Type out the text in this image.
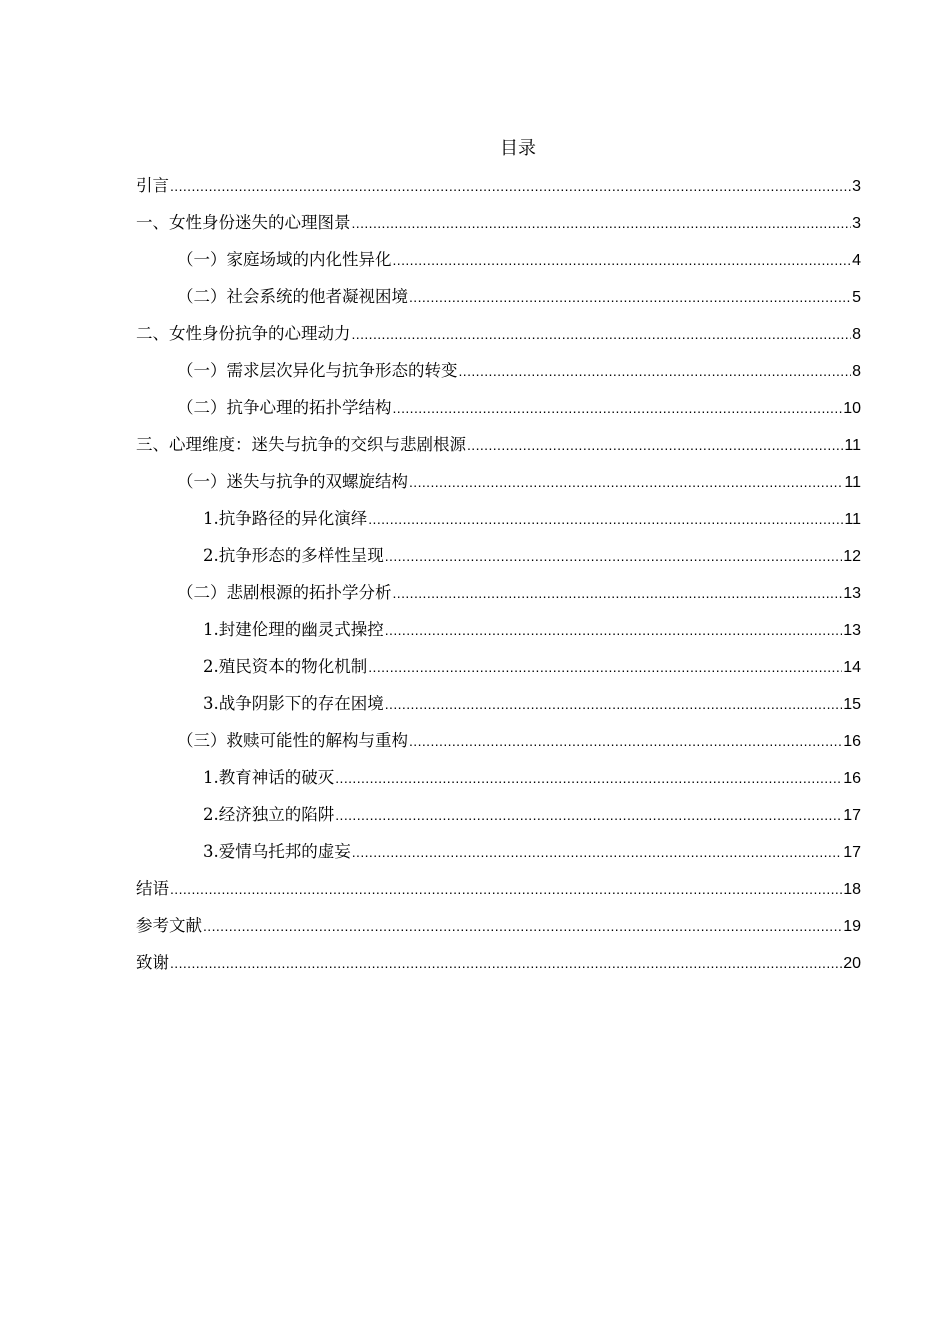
目录
引言 .....	3
一、女性身份迷失的心理图景 .....	3
（一）家庭场域的内化性异化 .....	4
（二）社会系统的他者凝视困境 .....	5
二、女性身份抗争的心理动力 .....	8
（一）需求层次异化与抗争形态的转变 .....	8
（二）抗争心理的拓扑学结构 .....	10
三、心理维度：迷失与抗争的交织与悲剧根源 .....	11
（一）迷失与抗争的双螺旋结构 .....	11
1.抗争路径的异化演绎 .....	11
2.抗争形态的多样性呈现 .....	12
（二）悲剧根源的拓扑学分析 .....	13
1.封建伦理的幽灵式操控 .....	13
2.殖民资本的物化机制 .....	14
3.战争阴影下的存在困境 .....	15
（三）救赎可能性的解构与重构 .....	16
1.教育神话的破灭 .....	16
2.经济独立的陷阱 .....	17
3.爱情乌托邦的虚妄 .....	17
结语 .....	18
参考文献 .....	19
致谢 .....	20
